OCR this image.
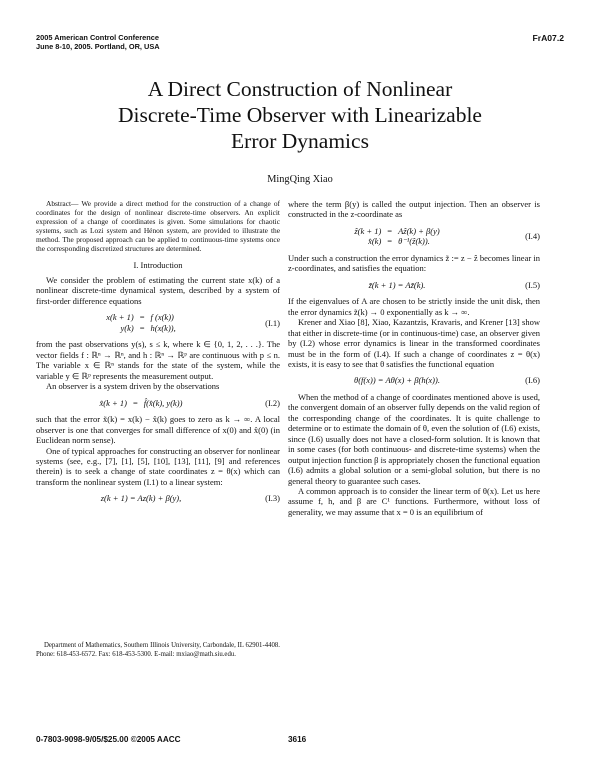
2005 American Control Conference
June 8-10, 2005. Portland, OR, USA
FrA07.2
A Direct Construction of Nonlinear
Discrete-Time Observer with Linearizable
Error Dynamics
MingQing Xiao

Abstract— We provide a direct method for the construction of a change of coordinates for the design of nonlinear discrete-time observers. An explicit expression of a change of coordinates is given. Some simulations for chaotic systems, such as Lozi system and Hénon system, are provided to illustrate the method. The proposed approach can be applied to continuous-time systems once the corresponding discretized structures are determined.

I. Introduction

We consider the problem of estimating the current state x(k) of a nonlinear discrete-time dynamical system, described by a system of first-order difference equations

x(k + 1)	=	f (x(k))
y(k)	=	h(x(k)),
(I.1)

from the past observations y(s), s ≤ k, where k ∈ {0, 1, 2, . . .}. The vector fields f : ℝⁿ → ℝⁿ, and h : ℝⁿ → ℝᵖ are continuous with p ≤ n. The variable x ∈ ℝⁿ stands for the state of the system, while the variable y ∈ ℝᵖ represents the measurement output.

An observer is a system driven by the observations

x̂(k + 1)	=	f̂(x̂(k), y(k))	(I.2)

such that the error x̃(k) = x(k) − x̂(k) goes to zero as k → ∞. A local observer is one that converges for small difference of x(0) and x̂(0) (in Euclidean norm sense).

One of typical approaches for constructing an observer for nonlinear systems (see, e.g., [7], [1], [5], [10], [13], [11], [9] and references therein) is to seek a change of state coordinates z = θ(x) which can transform the nonlinear system (I.1) to a linear system:

z(k + 1) = Az(k) + β(y),	(I.3)

Department of Mathematics, Southern Illinois University, Carbondale, IL 62901-4408. Phone: 618-453-6572. Fax: 618-453-5300. E-mail: mxiao@math.siu.edu.

where the term β(y) is called the output injection. Then an observer is constructed in the z-coordinate as

ẑ(k + 1)	=	Aẑ(k) + β(y)
x̂(k)	=	θ⁻¹(ẑ(k)).
(I.4)

Under such a construction the error dynamics z̃ := z − ẑ becomes linear in z-coordinates, and satisfies the equation:

z̃(k + 1) = Az̃(k).	(I.5)

If the eigenvalues of A are chosen to be strictly inside the unit disk, then the error dynamics z̃(k) → 0 exponentially as k → ∞.

Krener and Xiao [8], Xiao, Kazantzis, Kravaris, and Krener [13] show that either in discrete-time (or in continuous-time) case, an observer given by (I.2) whose error dynamics is linear in the transformed coordinates must be in the form of (I.4). If such a change of coordinates z = θ(x) exists, it is easy to see that θ satisfies the functional equation

θ(f(x)) = Aθ(x) + β(h(x)).	(I.6)

When the method of a change of coordinates mentioned above is used, the convergent domain of an observer fully depends on the valid region of the corresponding change of the coordinates. It is quite challenge to determine or to estimate the domain of θ, even the solution of (I.6) exists, since (I.6) usually does not have a closed-form solution. It is known that in some cases (for both continuous- and discrete-time systems) when the output injection function β is appropriately chosen the functional equation (I.6) admits a global solution or a semi-global solution, but there is no general theory to guarantee such cases.

A common approach is to consider the linear term of θ(x). Let us here assume f, h, and β are C¹ functions. Furthermore, without loss of generality, we may assume that x = 0 is an equilibrium of

0-7803-9098-9/05/$25.00 ©2005 AACC	3616
